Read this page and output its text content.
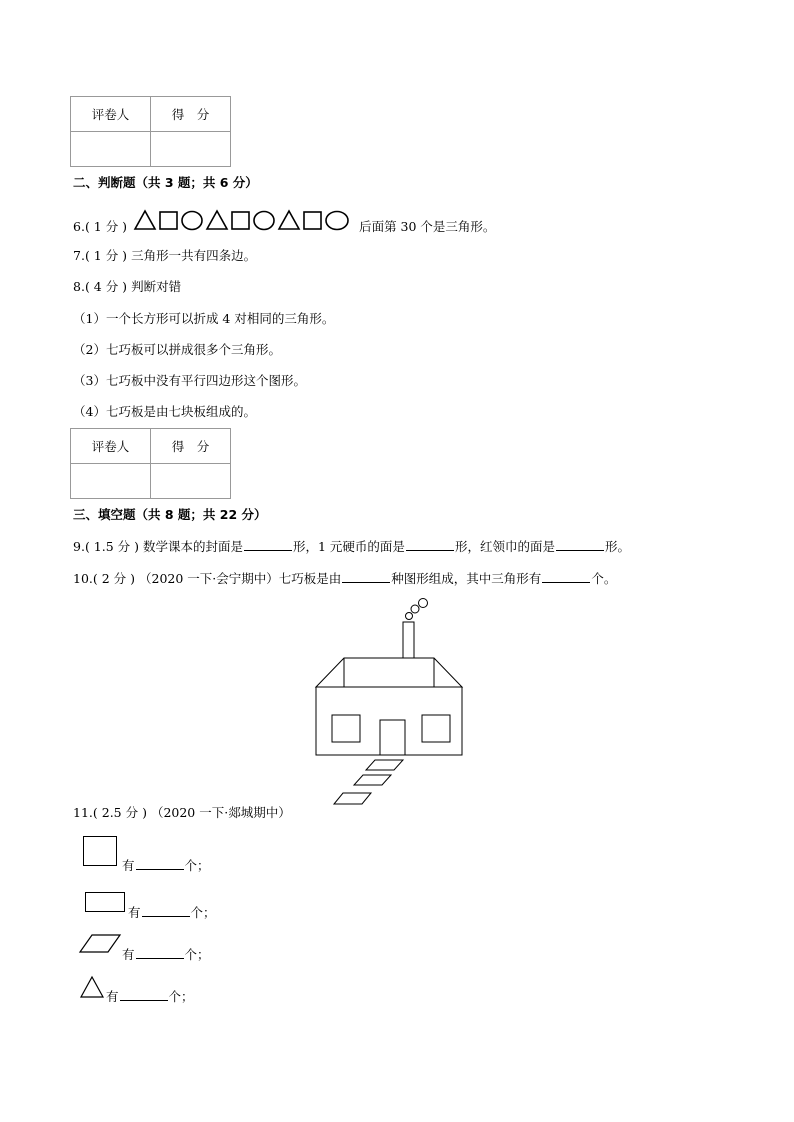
评卷人	得　分

二、判断题（共 3 题；共 6 分）
6.( 1 分 )	后面第 30 个是三角形。
7.( 1 分 ) 三角形一共有四条边。
8.( 4 分 ) 判断对错
（1）一个长方形可以折成 4 对相同的三角形。
（2）七巧板可以拼成很多个三角形。
（3）七巧板中没有平行四边形这个图形。
（4）七巧板是由七块板组成的。
评卷人	得　分

三、填空题（共 8 题；共 22 分）
9.( 1.5 分 ) 数学课本的封面是	形，1 元硬币的面是	形，红领巾的面是	形。
10.( 2 分 ) （2020 一下·会宁期中）七巧板是由	种图形组成，其中三角形有	个。
11.( 2.5 分 ) （2020 一下·郯城期中）
有	个；
有	个；
有	个；
有	个；
